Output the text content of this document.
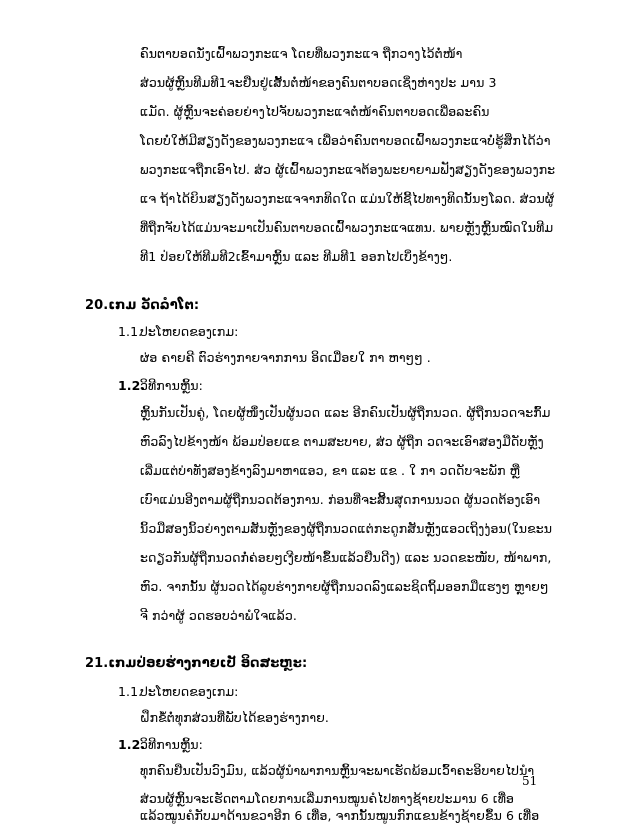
ຄົນຕາບອດນັ່ງເຝົ້າພວງກະແຈ ໂດຍທີ່ພວງກະແຈ ຖືກວາງໄວ້ຕໍ່ໜ້າ
ສ່ວນຜູ້ຫຼິ້ນທີມທີ1ຈະຢືນຢູ່ເສັ້ນຕໍ່ໜ້າຂອງຄົນຕາບອດເຊິ່ງຫ່າງປະ ມານ 3
ແມັດ. ຜູ້ຫຼິ້ນຈະຄ່ອຍຍ່າງໄປຈັບພວງກະແຈຕໍ່ໜ້າຄົນຕາບອດເພື່ອລະຄົນ
ໂດຍບໍ່ໃຫ້ມີສຽງດັງຂອງພວງກະແຈ ເພື່ອວ່າຄົນຕາບອດເຝົ້າພວງກະແຈບໍ່ຮູ້ສຶກໄດ້ວ່າ
ພວງກະແຈຖືກເອົາໄປ. ສ່ວ ຜູ້ເຝົ້າພວງກະແຈຕ້ອງພະຍາຍາມຟັງສຽງດັງຂອງພວງກະ
ແຈ ຖ້າໄດ້ຍິນສຽງດັງພວງກະແຈຈາກທິດໃດ ແມ່ນໃຫ້ຊີ້ໄປທາງທິດນັ້ນໆໂລດ. ສ່ວນຜູ້
ທີ່ຖືກຈັບໄດ້ແມ່ນຈະມາເປັນຄົນຕາບອດເຝົ້າພວງກະແຈແທນ. ພາຍຫຼັງຫຼິ້ນໝົດໃນທີມ
ທີ1 ປ່ອຍໃຫ້ທີມທີ2ເຂົ້າມາຫຼິ້ນ ແລະ ທີມທີ1 ອອກໄປເບິ່ງຂ້າງໆ.
20.ເກມ ວັດລຳໂຕ:
1.1.
ປະໂຫຍດຂອງເກມ:
ຜ່ອ ຄາຍຄີ ຕົວຮ່າງກາຍຈາກການ ອິດເມື່ອຍໃ ກາ ຫາໆໆ .
1.2.
ວິທີການຫຼິ້ນ:
ຫຼິ້ນກັນເປັນຄູ່, ໂດຍຜູ້ໜຶ່ງເປັນຜູ້ນວດ ແລະ ອີກຄົນເປັນຜູ້ຖືກນວດ. ຜູ້ຖືກນວດຈະກົ້ມ
ຫົວລົງໄປຂ້າງໜ້າ ພ້ອມປ່ອຍແຂ ຕາມສະບາຍ, ສ່ວ ຜູ້ຖືກ ວດຈະເອົາສອງມືດັບຫຼັງ
ເລີ່ມແຕ່ບ່າທັງສອງຂ້າງລົງມາຫາແອວ, ຂາ ແລະ ແຂ . ໃ ກາ ວດດັບຈະພັກ ຫຼື
ເບົາແມ່ນອີງຕາມຜູ້ຖືກນວດຕ້ອງການ. ກ່ອນທີ່ຈະສິ້ນສຸດການນວດ ຜູ້ນວດຕ້ອງເອົາ
ນິ້ວມືສອງນິ້ວຍ່າງຕາມສັນຫຼັງຂອງຜູ້ຖືກນວດແຕ່ກະດູກສັນຫຼັງແອວເຖິງງ່ອນ(ໃນຂະນ
ະດຽວກັນຜູ້ຖືກນວດກໍ່ຄ່ອຍໆເງີຍໜ້າຂຶ້ນແລ້ວຢືນດີງ) ແລະ ນວດຂະໜັບ, ໜ້າພາກ,
ຫົວ. ຈາກນັ້ນ ຜູ້ນວດໄດ້ລູບຮ່າງກາຍຜູ້ຖືກນວດລົງແລະຊິດຖິ້ມອອກມືແຮງໆ ຫຼາຍໆ
ຈີ ກວ່າຜູ້ ວດຮອບວ່າພໍໃຈແລ້ວ.
21.ເກມປ່ອຍຮ່າງກາຍເປັ ອິດສະຫຼະ:
1.1.
ປະໂຫຍດຂອງເກມ:
ຝຶກຂໍ້ຕໍ່ທຸກສ່ວນທີ່ພັບໄດ້ຂອງຮ່າງກາຍ.
1.2.
ວິທີການຫຼິ້ນ:
ທຸກຄົນຢືນເປັນວົງມົນ, ແລ້ວຜູ້ນຳພາການຫຼິ້ນຈະພາເຮັດພ້ອມເວົ້າຄະອິບາຍໄປນຳ
ສ່ວນຜູ້ຫຼິ້ນຈະເຮັດຕາມໂດຍການເລີ່ມການໝູນຄໍໄປທາງຊ້າຍປະມານ 6 ເທື່ອ
ແລ້ວໝູນຄໍກັບມາດ້ານຂວາອີກ 6 ເທື່ອ, ຈາກນັ້ນໝູນກົກແຂນຂ້າງຊ້າຍຂຶ້ນ 6 ເທື່ອ
51
